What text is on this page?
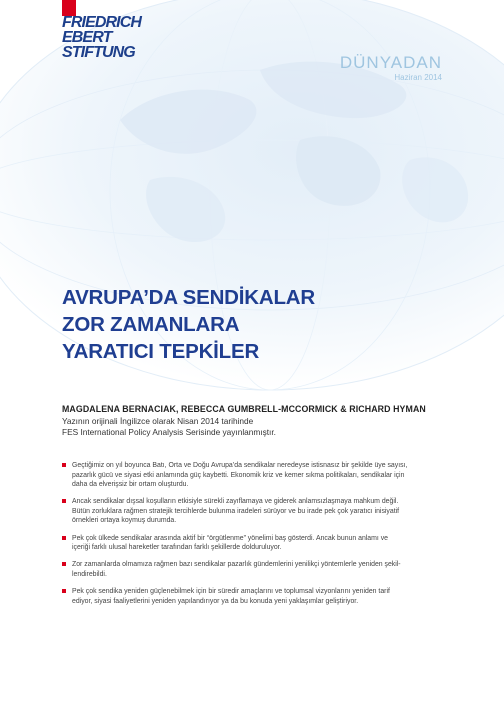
FRIEDRICH
EBERT
STIFTUNG
DÜNYADAN
Haziran 2014
AVRUPA’DA SENDİKALAR
ZOR ZAMANLARA
YARATICI TEPKİLER
MAGDALENA BERNACIAK, REBECCA GUMBRELL-MCCORMICK & RICHARD HYMAN
Yazının orijinali İngilizce olarak Nisan 2014 tarihinde
FES International Policy Analysis Serisinde yayınlanmıştır.
Geçtiğimiz on yıl boyunca Batı, Orta ve Doğu Avrupa’da sendikalar neredeyse istisnasız bir şekilde üye sayısı,
pazarlık gücü ve siyasi etki anlamında güç kaybetti. Ekonomik kriz ve kemer sıkma politikaları, sendikalar için
daha da elverişsiz bir ortam oluşturdu.
Ancak sendikalar dışsal koşulların etkisiyle sürekli zayıflamaya ve giderek anlamsızlaşmaya mahkum değil.
Bütün zorluklara rağmen stratejik tercihlerde bulunma iradeleri sürüyor ve bu irade pek çok yaratıcı inisiyatif
örnekleri ortaya koymuş durumda.
Pek çok ülkede sendikalar arasında aktif bir “örgütlenme” yönelimi baş gösterdi. Ancak bunun anlamı ve
içeriği farklı ulusal hareketler tarafından farklı şekillerde dolduruluyor.
Zor zamanlarda olmamıza rağmen bazı sendikalar pazarlık gündemlerini yenilikçi yöntemlerle yeniden şekil-
lendirebildi.
Pek çok sendika yeniden güçlenebilmek için bir süredir amaçlarını ve toplumsal vizyonlarını yeniden tarif
ediyor, siyasi faaliyetlerini yeniden yapılandırıyor ya da bu konuda yeni yaklaşımlar geliştiriyor.
